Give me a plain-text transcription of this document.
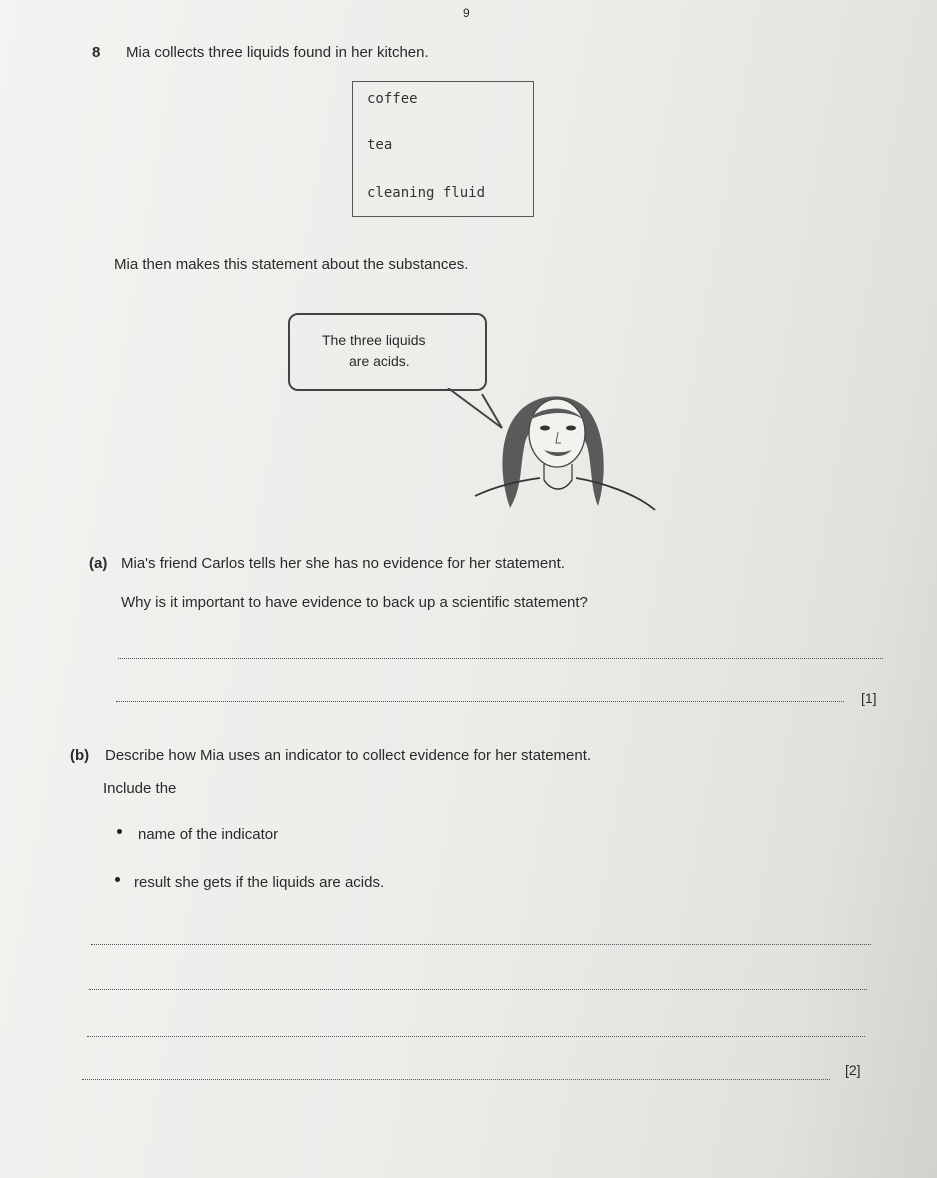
9
8 Mia collects three liquids found in her kitchen.
coffee
tea
cleaning fluid
Mia then makes this statement about the substances.
The three liquids
are acids.
(a) Mia's friend Carlos tells her she has no evidence for her statement.
Why is it important to have evidence to back up a scientific statement?
[1]
(b) Describe how Mia uses an indicator to collect evidence for her statement.
Include the
name of the indicator
result she gets if the liquids are acids.
[2]
